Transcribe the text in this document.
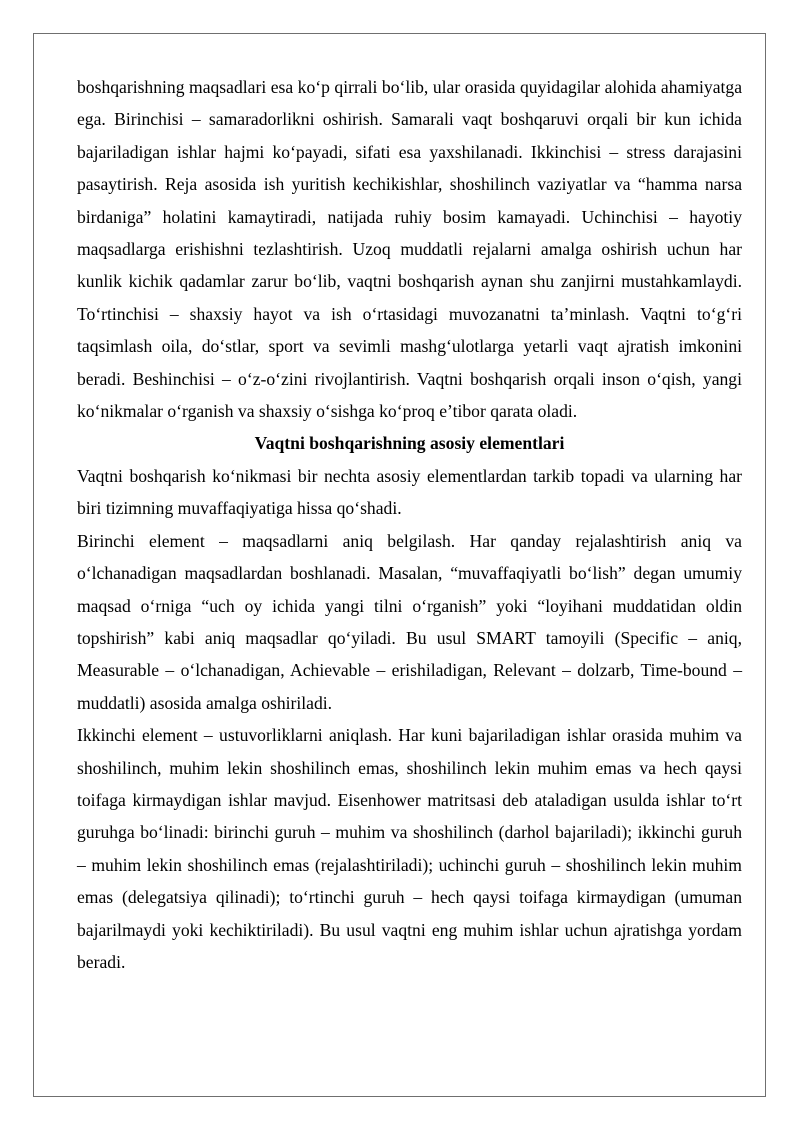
boshqarishning maqsadlari esa ko‘p qirrali bo‘lib, ular orasida quyidagilar alohida ahamiyatga ega. Birinchisi – samaradorlikni oshirish. Samarali vaqt boshqaruvi orqali bir kun ichida bajariladigan ishlar hajmi ko‘payadi, sifati esa yaxshilanadi. Ikkinchisi – stress darajasini pasaytirish. Reja asosida ish yuritish kechikishlar, shoshilinch vaziyatlar va “hamma narsa birdaniga” holatini kamaytiradi, natijada ruhiy bosim kamayadi. Uchinchisi – hayotiy maqsadlarga erishishni tezlashtirish. Uzoq muddatli rejalarni amalga oshirish uchun har kunlik kichik qadamlar zarur bo‘lib, vaqtni boshqarish aynan shu zanjirni mustahkamlaydi. To‘rtinchisi – shaxsiy hayot va ish o‘rtasidagi muvozanatni ta’minlash. Vaqtni to‘g‘ri taqsimlash oila, do‘stlar, sport va sevimli mashg‘ulotlarga yetarli vaqt ajratish imkonini beradi. Beshinchisi – o‘z-o‘zini rivojlantirish. Vaqtni boshqarish orqali inson o‘qish, yangi ko‘nikmalar o‘rganish va shaxsiy o‘sishga ko‘proq e’tibor qarata oladi.

Vaqtni boshqarishning asosiy elementlari

Vaqtni boshqarish ko‘nikmasi bir nechta asosiy elementlardan tarkib topadi va ularning har biri tizimning muvaffaqiyatiga hissa qo‘shadi.

Birinchi element – maqsadlarni aniq belgilash. Har qanday rejalashtirish aniq va o‘lchanadigan maqsadlardan boshlanadi. Masalan, “muvaffaqiyatli bo‘lish” degan umumiy maqsad o‘rniga “uch oy ichida yangi tilni o‘rganish” yoki “loyihani muddatidan oldin topshirish” kabi aniq maqsadlar qo‘yiladi. Bu usul SMART tamoyili (Specific – aniq, Measurable – o‘lchanadigan, Achievable – erishiladigan, Relevant – dolzarb, Time-bound – muddatli) asosida amalga oshiriladi.

Ikkinchi element – ustuvorliklarni aniqlash. Har kuni bajariladigan ishlar orasida muhim va shoshilinch, muhim lekin shoshilinch emas, shoshilinch lekin muhim emas va hech qaysi toifaga kirmaydigan ishlar mavjud. Eisenhower matritsasi deb ataladigan usulda ishlar to‘rt guruhga bo‘linadi: birinchi guruh – muhim va shoshilinch (darhol bajariladi); ikkinchi guruh – muhim lekin shoshilinch emas (rejalashtiriladi); uchinchi guruh – shoshilinch lekin muhim emas (delegatsiya qilinadi); to‘rtinchi guruh – hech qaysi toifaga kirmaydigan (umuman bajarilmaydi yoki kechiktiriladi). Bu usul vaqtni eng muhim ishlar uchun ajratishga yordam beradi.
